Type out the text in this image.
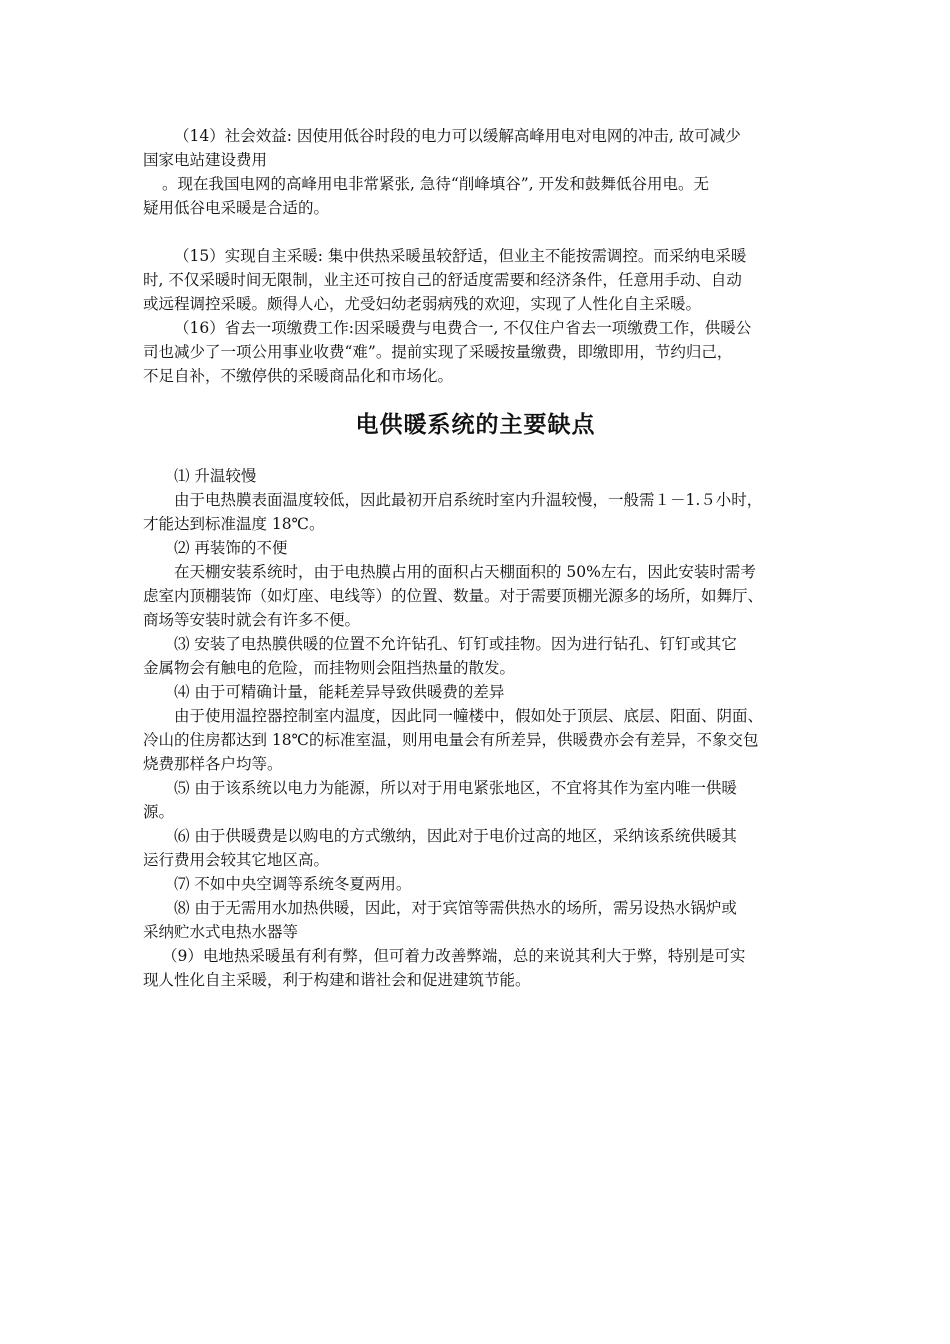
（14）社会效益: 因使用低谷时段的电力可以缓解高峰用电对电网的冲击, 故可减少
国家电站建设费用
。现在我国电网的高峰用电非常紧张, 急待“削峰填谷”, 开发和鼓舞低谷用电。无
疑用低谷电采暖是合适的。
（15）实现自主采暖: 集中供热采暖虽较舒适，但业主不能按需调控。而采纳电采暖
时, 不仅采暖时间无限制，业主还可按自己的舒适度需要和经济条件，任意用手动、自动
或远程调控采暖。颇得人心，尤受妇幼老弱病残的欢迎，实现了人性化自主采暖。
（16）省去一项缴费工作:因采暖费与电费合一, 不仅住户省去一项缴费工作，供暖公
司也减少了一项公用事业收费“难”。提前实现了采暖按量缴费，即缴即用，节约归己，
不足自补，不缴停供的采暖商品化和市场化。
电供暖系统的主要缺点
⑴ 升温较慢
由于电热膜表面温度较低，因此最初开启系统时室内升温较慢，一般需１－1.５小时，
才能达到标准温度 18℃。
⑵ 再装饰的不便
在天棚安装系统时，由于电热膜占用的面积占天棚面积的 50%左右，因此安装时需考
虑室内顶棚装饰（如灯座、电线等）的位置、数量。对于需要顶棚光源多的场所，如舞厅、
商场等安装时就会有许多不便。
⑶ 安装了电热膜供暖的位置不允许钻孔、钉钉或挂物。因为进行钻孔、钉钉或其它
金属物会有触电的危险，而挂物则会阻挡热量的散发。
⑷ 由于可精确计量，能耗差异导致供暖费的差异
由于使用温控器控制室内温度，因此同一幢楼中，假如处于顶层、底层、阳面、阴面、
冷山的住房都达到 18℃的标准室温，则用电量会有所差异，供暖费亦会有差异，不象交包
烧费那样各户均等。
⑸ 由于该系统以电力为能源，所以对于用电紧张地区，不宜将其作为室内唯一供暖
源。
⑹ 由于供暖费是以购电的方式缴纳，因此对于电价过高的地区，采纳该系统供暖其
运行费用会较其它地区高。
⑺ 不如中央空调等系统冬夏两用。
⑻ 由于无需用水加热供暖，因此，对于宾馆等需供热水的场所，需另设热水锅炉或
采纳贮水式电热水器等
（9）电地热采暖虽有利有弊，但可着力改善弊端，总的来说其利大于弊，特别是可实
现人性化自主采暖，利于构建和谐社会和促进建筑节能。
